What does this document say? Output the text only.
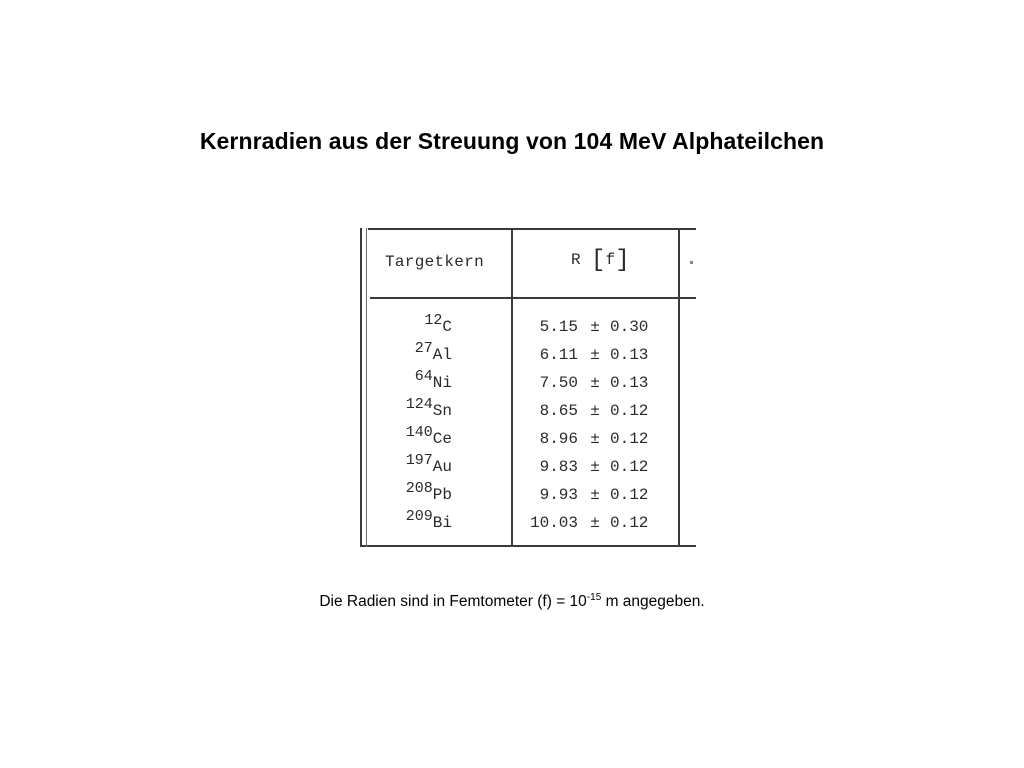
Kernradien aus der Streuung von 104 MeV Alphateilchen
Targetkern	R [f]
12C	5.15 ± 0.30
27Al	6.11 ± 0.13
64Ni	7.50 ± 0.13
124Sn	8.65 ± 0.12
140Ce	8.96 ± 0.12
197Au	9.83 ± 0.12
208Pb	9.93 ± 0.12
209Bi	10.03 ± 0.12
Die Radien sind in Femtometer $(f) = 10^{-15}$ m angegeben.
